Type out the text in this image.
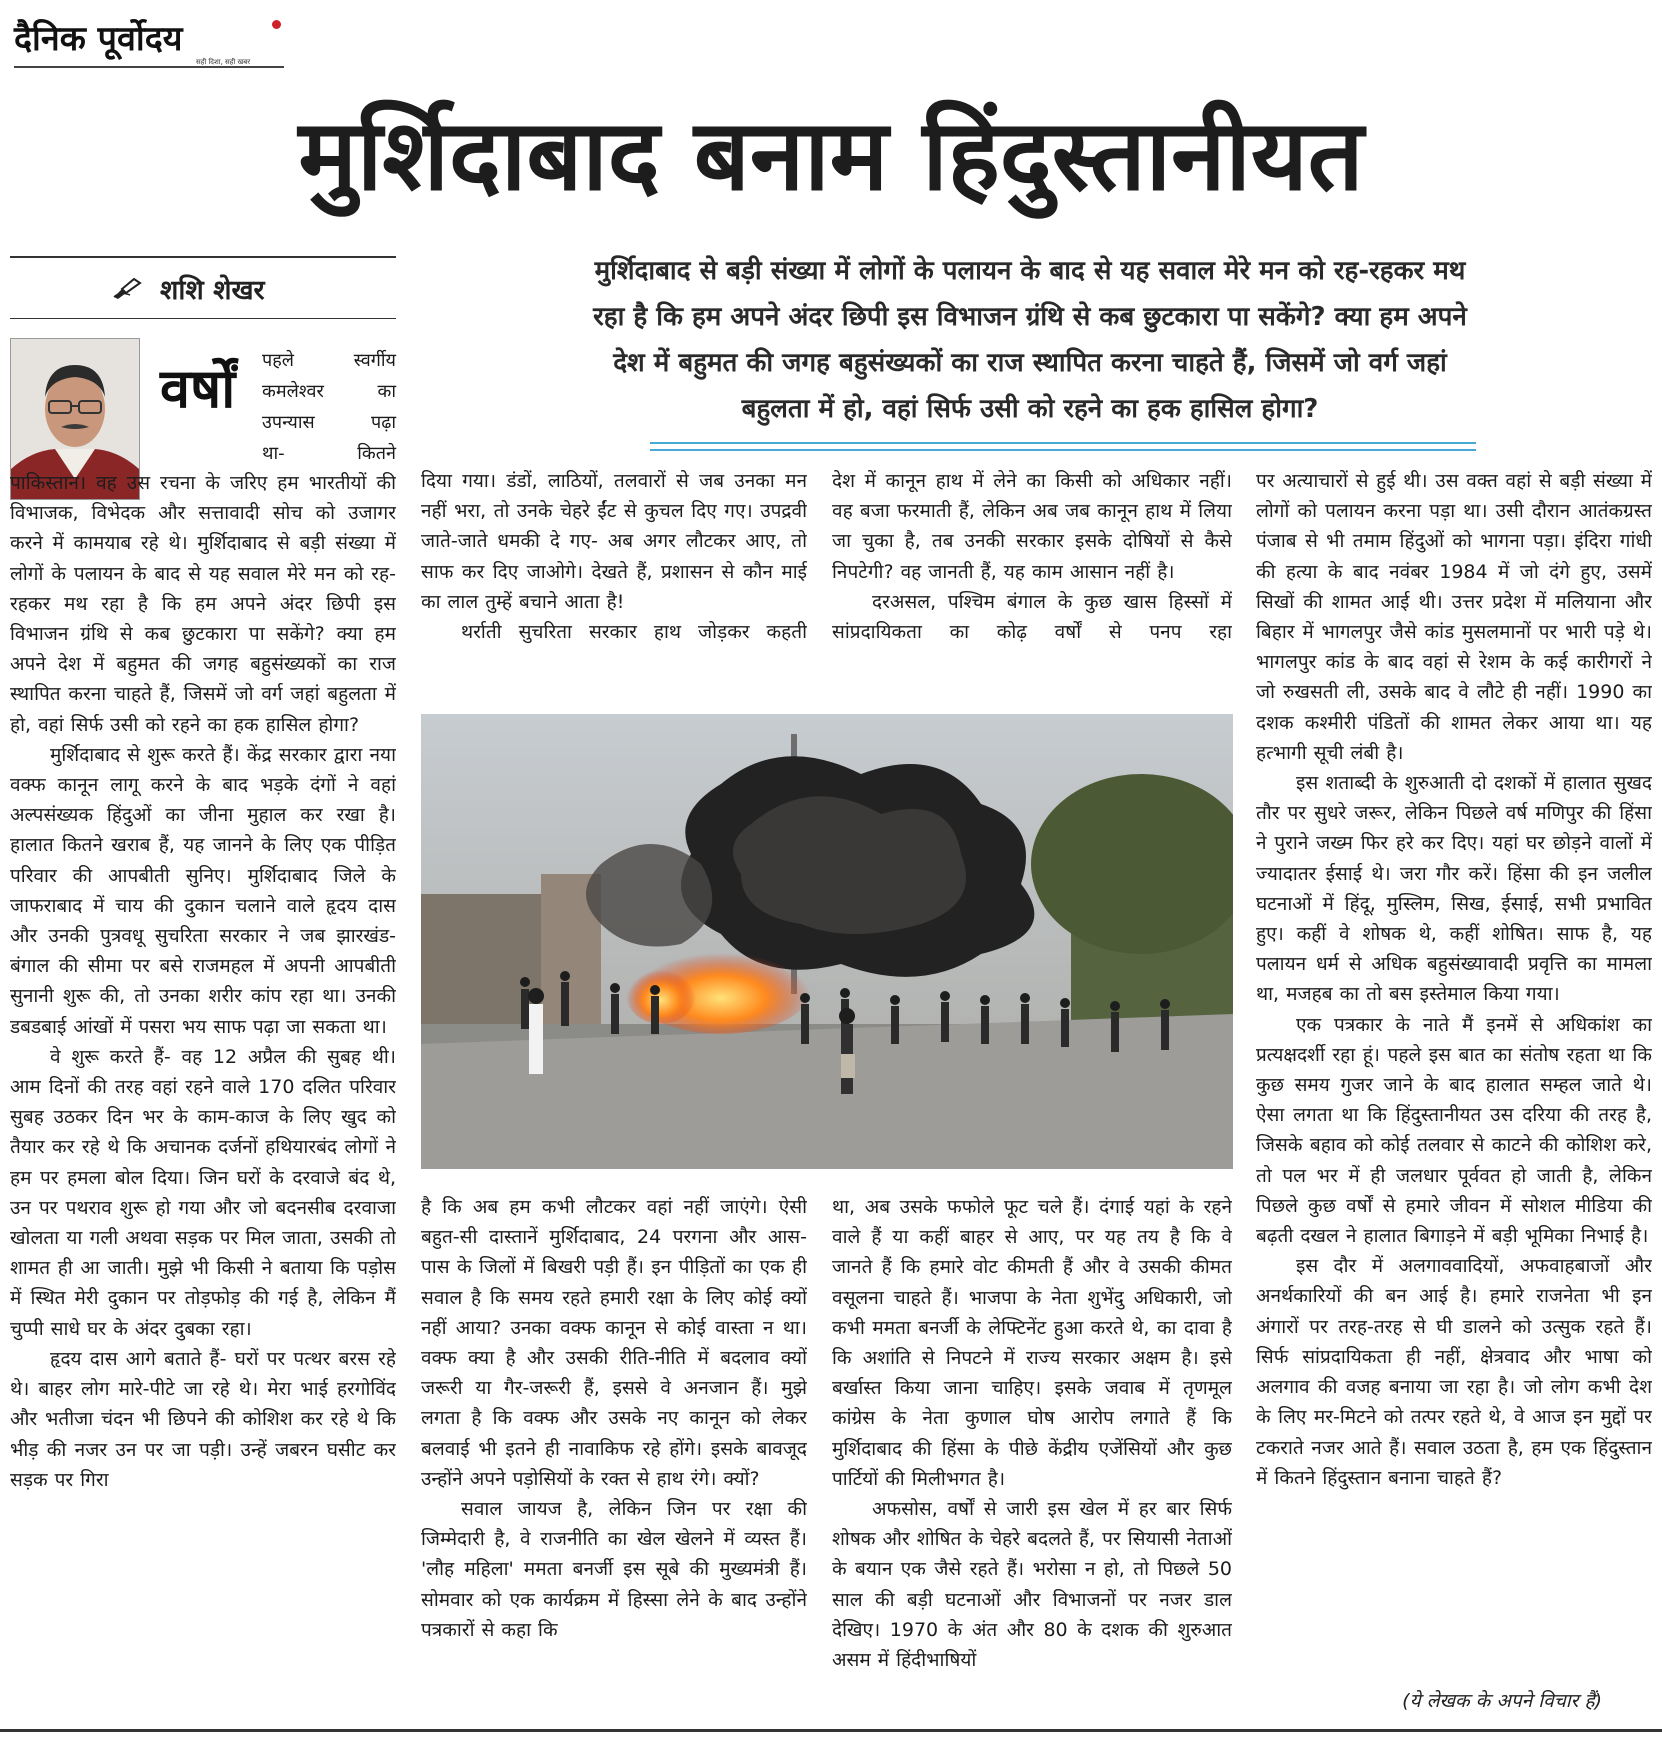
दैनिक पूर्वोदय
सही दिशा, सही खबर
मुर्शिदाबाद बनाम हिंदुस्तानीयत
शशि शेखर
वर्षों पहले स्वर्गीय
कमलेश्वर का
उपन्यास पढ़ा
था- कितने
मुर्शिदाबाद से बड़ी संख्या में लोगों के पलायन के बाद से यह सवाल मेरे मन को रह-रहकर मथ
रहा है कि हम अपने अंदर छिपी इस विभाजन ग्रंथि से कब छुटकारा पा सकेंगे? क्या हम अपने
देश में बहुमत की जगह बहुसंख्यकों का राज स्थापित करना चाहते हैं, जिसमें जो वर्ग जहां
बहुलता में हो, वहां सिर्फ उसी को रहने का हक हासिल होगा?

पाकिस्तान। वह उस रचना के जरिए हम भारतीयों की विभाजक, विभेदक और सत्तावादी सोच को उजागर करने में कामयाब रहे थे। मुर्शिदाबाद से बड़ी संख्या में लोगों के पलायन के बाद से यह सवाल मेरे मन को रह-रहकर मथ रहा है कि हम अपने अंदर छिपी इस विभाजन ग्रंथि से कब छुटकारा पा सकेंगे? क्या हम अपने देश में बहुमत की जगह बहुसंख्यकों का राज स्थापित करना चाहते हैं, जिसमें जो वर्ग जहां बहुलता में हो, वहां सिर्फ उसी को रहने का हक हासिल होगा?

मुर्शिदाबाद से शुरू करते हैं। केंद्र सरकार द्वारा नया वक्फ कानून लागू करने के बाद भड़के दंगों ने वहां अल्पसंख्यक हिंदुओं का जीना मुहाल कर रखा है। हालात कितने खराब हैं, यह जानने के लिए एक पीड़ित परिवार की आपबीती सुनिए। मुर्शिदाबाद जिले के जाफराबाद में चाय की दुकान चलाने वाले हृदय दास और उनकी पुत्रवधू सुचरिता सरकार ने जब झारखंड-बंगाल की सीमा पर बसे राजमहल में अपनी आपबीती सुनानी शुरू की, तो उनका शरीर कांप रहा था। उनकी डबडबाई आंखों में पसरा भय साफ पढ़ा जा सकता था।

वे शुरू करते हैं- वह 12 अप्रैल की सुबह थी। आम दिनों की तरह वहां रहने वाले 170 दलित परिवार सुबह उठकर दिन भर के काम-काज के लिए खुद को तैयार कर रहे थे कि अचानक दर्जनों हथियारबंद लोगों ने हम पर हमला बोल दिया। जिन घरों के दरवाजे बंद थे, उन पर पथराव शुरू हो गया और जो बदनसीब दरवाजा खोलता या गली अथवा सड़क पर मिल जाता, उसकी तो शामत ही आ जाती। मुझे भी किसी ने बताया कि पड़ोस में स्थित मेरी दुकान पर तोड़फोड़ की गई है, लेकिन मैं चुप्पी साधे घर के अंदर दुबका रहा।

हृदय दास आगे बताते हैं- घरों पर पत्थर बरस रहे थे। बाहर लोग मारे-पीटे जा रहे थे। मेरा भाई हरगोविंद और भतीजा चंदन भी छिपने की कोशिश कर रहे थे कि भीड़ की नजर उन पर जा पड़ी। उन्हें जबरन घसीट कर सड़क पर गिरा

दिया गया। डंडों, लाठियों, तलवारों से जब उनका मन नहीं भरा, तो उनके चेहरे ईंट से कुचल दिए गए। उपद्रवी जाते-जाते धमकी दे गए- अब अगर लौटकर आए, तो साफ कर दिए जाओगे। देखते हैं, प्रशासन से कौन माई का लाल तुम्हें बचाने आता है!

थर्राती सुचरिता सरकार हाथ जोड़कर कहती

देश में कानून हाथ में लेने का किसी को अधिकार नहीं। वह बजा फरमाती हैं, लेकिन अब जब कानून हाथ में लिया जा चुका है, तब उनकी सरकार इसके दोषियों से कैसे निपटेगी? वह जानती हैं, यह काम आसान नहीं है।

दरअसल, पश्चिम बंगाल के कुछ खास हिस्सों में सांप्रदायिकता का कोढ़ वर्षों से पनप रहा

है कि अब हम कभी लौटकर वहां नहीं जाएंगे। ऐसी बहुत-सी दास्तानें मुर्शिदाबाद, 24 परगना और आस-पास के जिलों में बिखरी पड़ी हैं। इन पीड़ितों का एक ही सवाल है कि समय रहते हमारी रक्षा के लिए कोई क्यों नहीं आया? उनका वक्फ कानून से कोई वास्ता न था। वक्फ क्या है और उसकी रीति-नीति में बदलाव क्यों जरूरी या गैर-जरूरी हैं, इससे वे अनजान हैं। मुझे लगता है कि वक्फ और उसके नए कानून को लेकर बलवाई भी इतने ही नावाकिफ रहे होंगे। इसके बावजूद उन्होंने अपने पड़ोसियों के रक्त से हाथ रंगे। क्यों?

सवाल जायज है, लेकिन जिन पर रक्षा की जिम्मेदारी है, वे राजनीति का खेल खेलने में व्यस्त हैं। 'लौह महिला' ममता बनर्जी इस सूबे की मुख्यमंत्री हैं। सोमवार को एक कार्यक्रम में हिस्सा लेने के बाद उन्होंने पत्रकारों से कहा कि

था, अब उसके फफोले फूट चले हैं। दंगाई यहां के रहने वाले हैं या कहीं बाहर से आए, पर यह तय है कि वे जानते हैं कि हमारे वोट कीमती हैं और वे उसकी कीमत वसूलना चाहते हैं। भाजपा के नेता शुभेंदु अधिकारी, जो कभी ममता बनर्जी के लेफ्टिनेंट हुआ करते थे, का दावा है कि अशांति से निपटने में राज्य सरकार अक्षम है। इसे बर्खास्त किया जाना चाहिए। इसके जवाब में तृणमूल कांग्रेस के नेता कुणाल घोष आरोप लगाते हैं कि मुर्शिदाबाद की हिंसा के पीछे केंद्रीय एजेंसियों और कुछ पार्टियों की मिलीभगत है।

अफसोस, वर्षों से जारी इस खेल में हर बार सिर्फ शोषक और शोषित के चेहरे बदलते हैं, पर सियासी नेताओं के बयान एक जैसे रहते हैं। भरोसा न हो, तो पिछले 50 साल की बड़ी घटनाओं और विभाजनों पर नजर डाल देखिए। 1970 के अंत और 80 के दशक की शुरुआत असम में हिंदीभाषियों

पर अत्याचारों से हुई थी। उस वक्त वहां से बड़ी संख्या में लोगों को पलायन करना पड़ा था। उसी दौरान आतंकग्रस्त पंजाब से भी तमाम हिंदुओं को भागना पड़ा। इंदिरा गांधी की हत्या के बाद नवंबर 1984 में जो दंगे हुए, उसमें सिखों की शामत आई थी। उत्तर प्रदेश में मलियाना और बिहार में भागलपुर जैसे कांड मुसलमानों पर भारी पड़े थे। भागलपुर कांड के बाद वहां से रेशम के कई कारीगरों ने जो रुखसती ली, उसके बाद वे लौटे ही नहीं। 1990 का दशक कश्मीरी पंडितों की शामत लेकर आया था। यह हत्भागी सूची लंबी है।

इस शताब्दी के शुरुआती दो दशकों में हालात सुखद तौर पर सुधरे जरूर, लेकिन पिछले वर्ष मणिपुर की हिंसा ने पुराने जख्म फिर हरे कर दिए। यहां घर छोड़ने वालों में ज्यादातर ईसाई थे। जरा गौर करें। हिंसा की इन जलील घटनाओं में हिंदू, मुस्लिम, सिख, ईसाई, सभी प्रभावित हुए। कहीं वे शोषक थे, कहीं शोषित। साफ है, यह पलायन धर्म से अधिक बहुसंख्यावादी प्रवृत्ति का मामला था, मजहब का तो बस इस्तेमाल किया गया।

एक पत्रकार के नाते मैं इनमें से अधिकांश का प्रत्यक्षदर्शी रहा हूं। पहले इस बात का संतोष रहता था कि कुछ समय गुजर जाने के बाद हालात सम्हल जाते थे। ऐसा लगता था कि हिंदुस्तानीयत उस दरिया की तरह है, जिसके बहाव को कोई तलवार से काटने की कोशिश करे, तो पल भर में ही जलधार पूर्ववत हो जाती है, लेकिन पिछले कुछ वर्षों से हमारे जीवन में सोशल मीडिया की बढ़ती दखल ने हालात बिगाड़ने में बड़ी भूमिका निभाई है।

इस दौर में अलगाववादियों, अफवाहबाजों और अनर्थकारियों की बन आई है। हमारे राजनेता भी इन अंगारों पर तरह-तरह से घी डालने को उत्सुक रहते हैं। सिर्फ सांप्रदायिकता ही नहीं, क्षेत्रवाद और भाषा को अलगाव की वजह बनाया जा रहा है। जो लोग कभी देश के लिए मर-मिटने को तत्पर रहते थे, वे आज इन मुद्दों पर टकराते नजर आते हैं। सवाल उठता है, हम एक हिंदुस्तान में कितने हिंदुस्तान बनाना चाहते हैं?

(ये लेखक के अपने विचार हैं)
